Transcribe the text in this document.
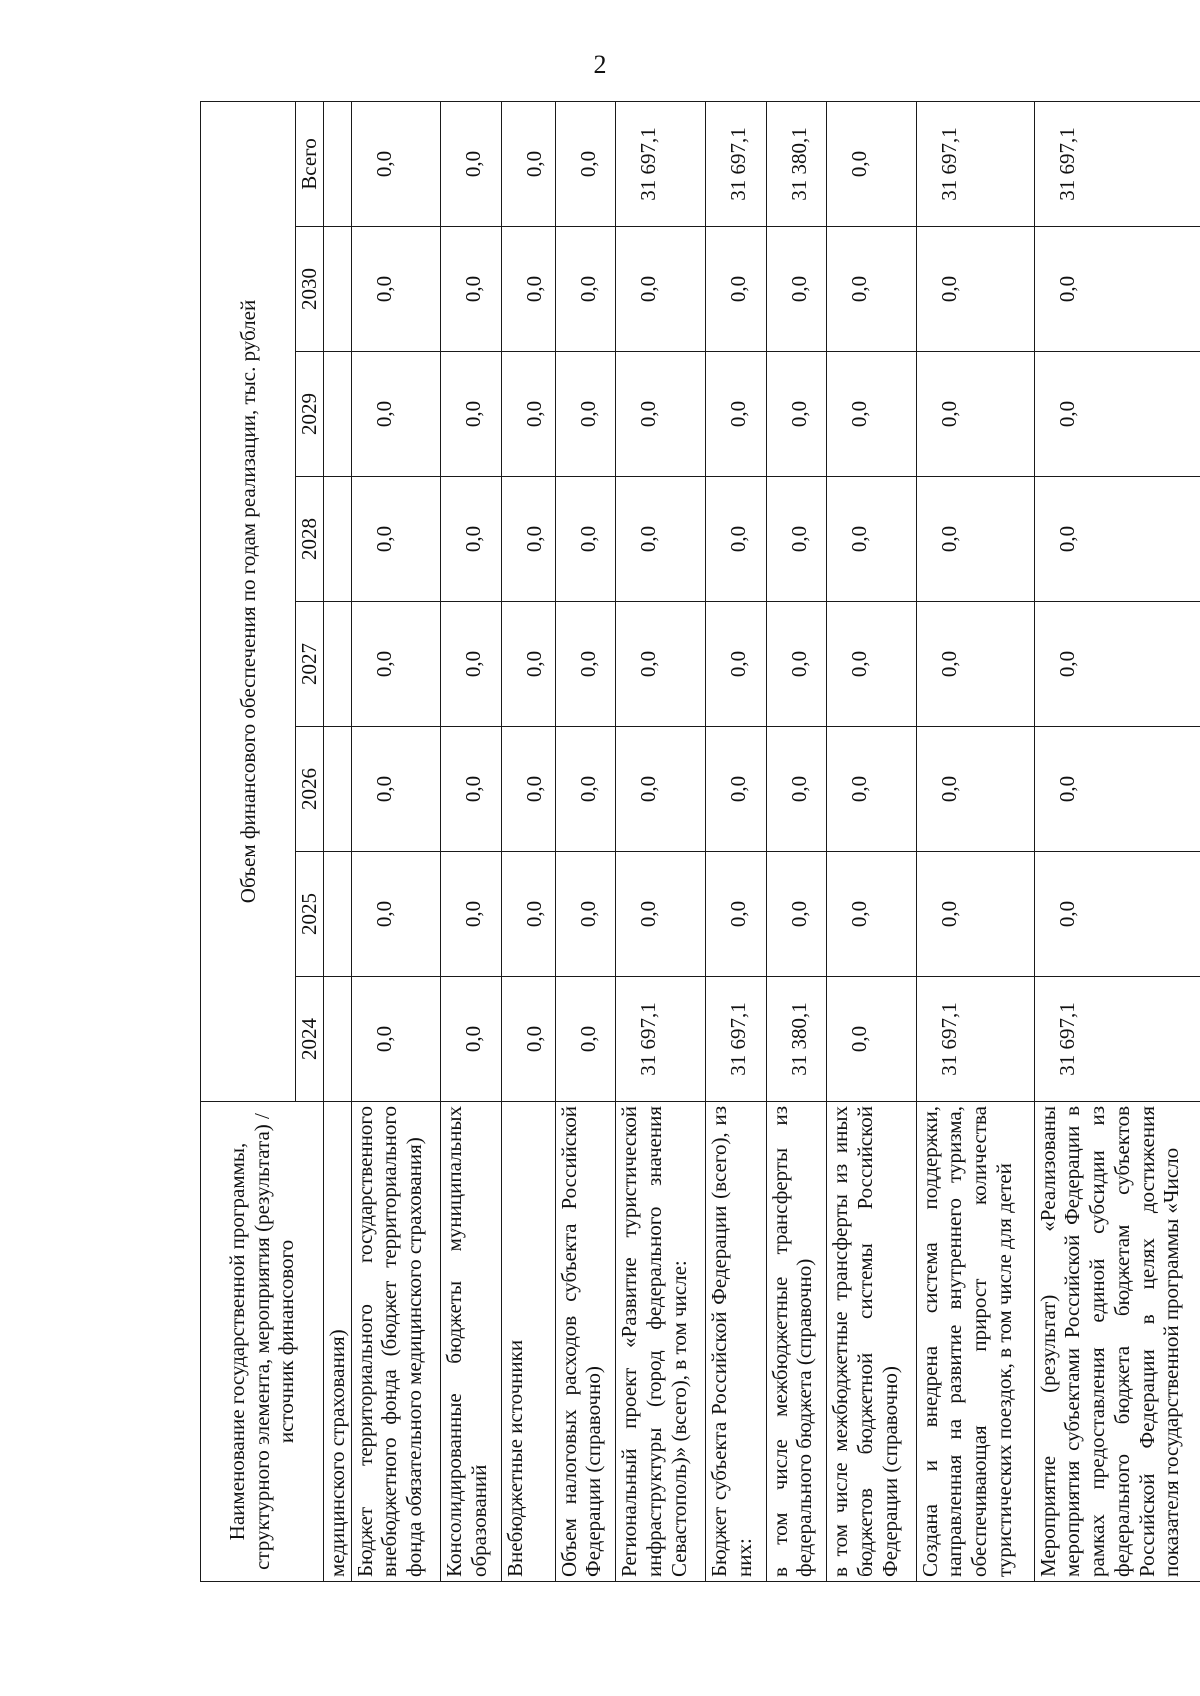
2
Наименование государственной программы, структурного элемента, мероприятия (результата) / источник финансового	Объем финансового обеспечения по годам реализации, тыс. рублей							
	2024	2025	2026	2027	2028	2029	2030	Всего
медицинского страхования)								
Бюджет территориального государственного внебюджетного фонда (бюджет территориального фонда обязательного медицинского страхования)	0,0	0,0	0,0	0,0	0,0	0,0	0,0	0,0
Консолидированные бюджеты муниципальных образований	0,0	0,0	0,0	0,0	0,0	0,0	0,0	0,0
Внебюджетные источники	0,0	0,0	0,0	0,0	0,0	0,0	0,0	0,0
Объем налоговых расходов субъекта Российской Федерации (справочно)	0,0	0,0	0,0	0,0	0,0	0,0	0,0	0,0
Региональный проект «Развитие туристической инфраструктуры (город федерального значения Севастополь)» (всего), в том числе:	31 697,1	0,0	0,0	0,0	0,0	0,0	0,0	31 697,1
Бюджет субъекта Российской Федерации (всего), из них:	31 697,1	0,0	0,0	0,0	0,0	0,0	0,0	31 697,1
в том числе межбюджетные трансферты из федерального бюджета (справочно)	31 380,1	0,0	0,0	0,0	0,0	0,0	0,0	31 380,1
в том числе межбюджетные трансферты из иных бюджетов бюджетной системы Российской Федерации (справочно)	0,0	0,0	0,0	0,0	0,0	0,0	0,0	0,0
Создана и внедрена система поддержки, направленная на развитие внутреннего туризма, обеспечивающая прирост количества туристических поездок, в том числе для детей	31 697,1	0,0	0,0	0,0	0,0	0,0	0,0	31 697,1
Мероприятие (результат) «Реализованы мероприятия субъектами Российской Федерации в рамках предоставления единой субсидии из федерального бюджета бюджетам субъектов Российской Федерации в целях достижения показателя государственной программы «Число	31 697,1	0,0	0,0	0,0	0,0	0,0	0,0	31 697,1
